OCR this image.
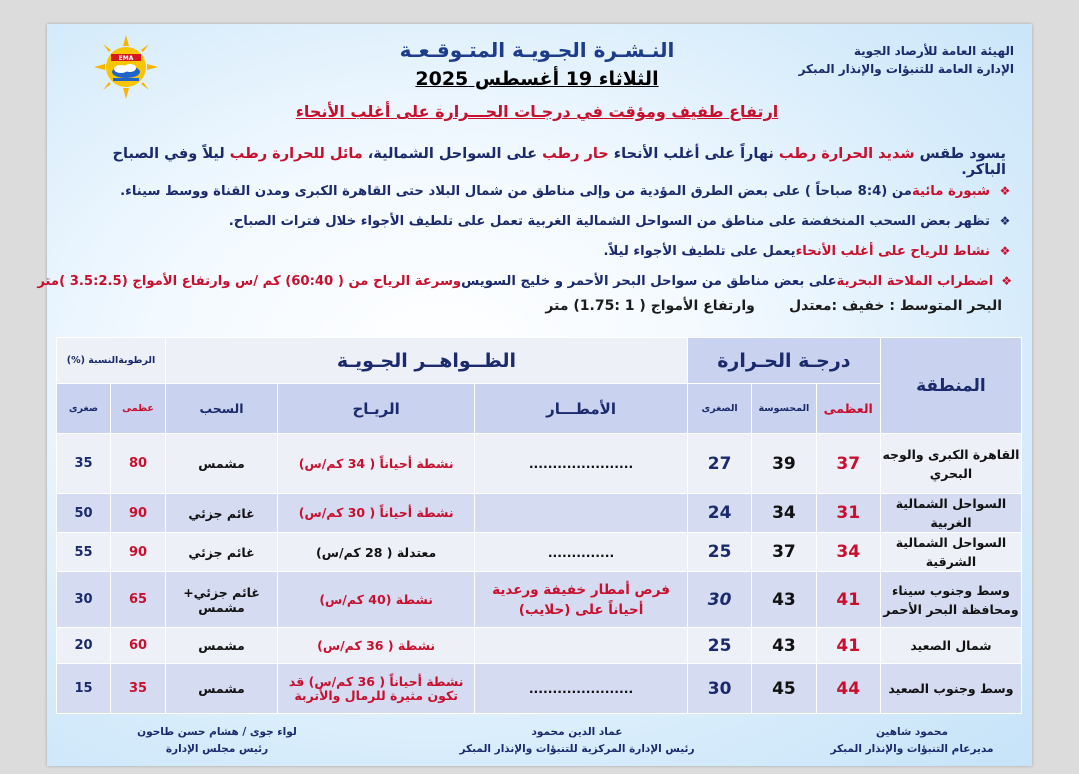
الهيئة العامة للأرصاد الجوية
الإدارة العامة للتنبؤات والإنذار المبكر
EMA	النـشـرة الجـويـة المتـوقـعـة
الثلاثاء 19 أغسطس 2025
ارتفاع طفيف ومؤقت في درجـات الحـــرارة على أغلب الأنحاء
يسود طقس شديد الحرارة رطب نهاراً على أغلب الأنحاء حار رطب على السواحل الشمالية، مائل للحرارة رطب ليلاً وفي الصباح الباكر.
❖
شبورة مائية
من (8:4 صباحاً ) على بعض الطرق المؤدية من وإلى مناطق من شمال البلاد حتى القاهرة الكبرى ومدن القناة ووسط سيناء.
❖
تظهر بعض السحب المنخفضة على مناطق من السواحل الشمالية الغربية تعمل على تلطيف الأجواء خلال فترات الصباح.
❖
نشاط للرياح على أغلب الأنحاء
يعمل على تلطيف الأجواء ليلاً.
❖
اضطراب الملاحة البحرية
على بعض مناطق من سواحل البحر الأحمر و خليج السويس
وسرعة الرياح من ( 60:40) كم /س وارتفاع الأمواج (3.5:2.5 )متر
البحر المتوسط : خفيف :معتدل       وارتفاع الأمواج ( 1 :1.75) متر
المنطقة	درجـة الحـرارة			الظــواهــر الجـويـة			الرطوبةالنسبة (%)	
	العظمى	المحسوسة	الصغرى	الأمطـــار	الريـاح	السحب	عظمى	صغرى
القاهرة الكبرى والوجه البحري	37	39	27	......................	نشطة أحياناً ( 34 كم/س)	مشمس	80	35
السواحل الشمالية الغربية	31	34	24		نشطة أحياناً ( 30 كم/س)	غائم جزئي	90	50
السواحل الشمالية الشرقية	34	37	25	..............	معتدلة ( 28 كم/س)	غائم جزئي	90	55
وسط وجنوب سيناء ومحافظة البحر الأحمر	41	43	30	فرص أمطار خفيفة ورعدية أحياناً على (حلايب)	نشطة (40 كم/س)	غائم جزئي+ مشمس	65	30
شمال الصعيد	41	43	25		نشطة ( 36 كم/س)	مشمس	60	20
وسط وجنوب الصعيد	44	45	30	......................	نشطة أحياناً ( 36 كم/س) قد تكون مثيرة للرمال والأتربة	مشمس	35	15
محمود شاهين
مديرعام التنبؤات والإنذار المبكر
عماد الدين محمود
رئيس الإدارة المركزية للتنبؤات والإنذار المبكر
لواء جوى / هشام حسن طاحون
رئيس مجلس الإدارة
